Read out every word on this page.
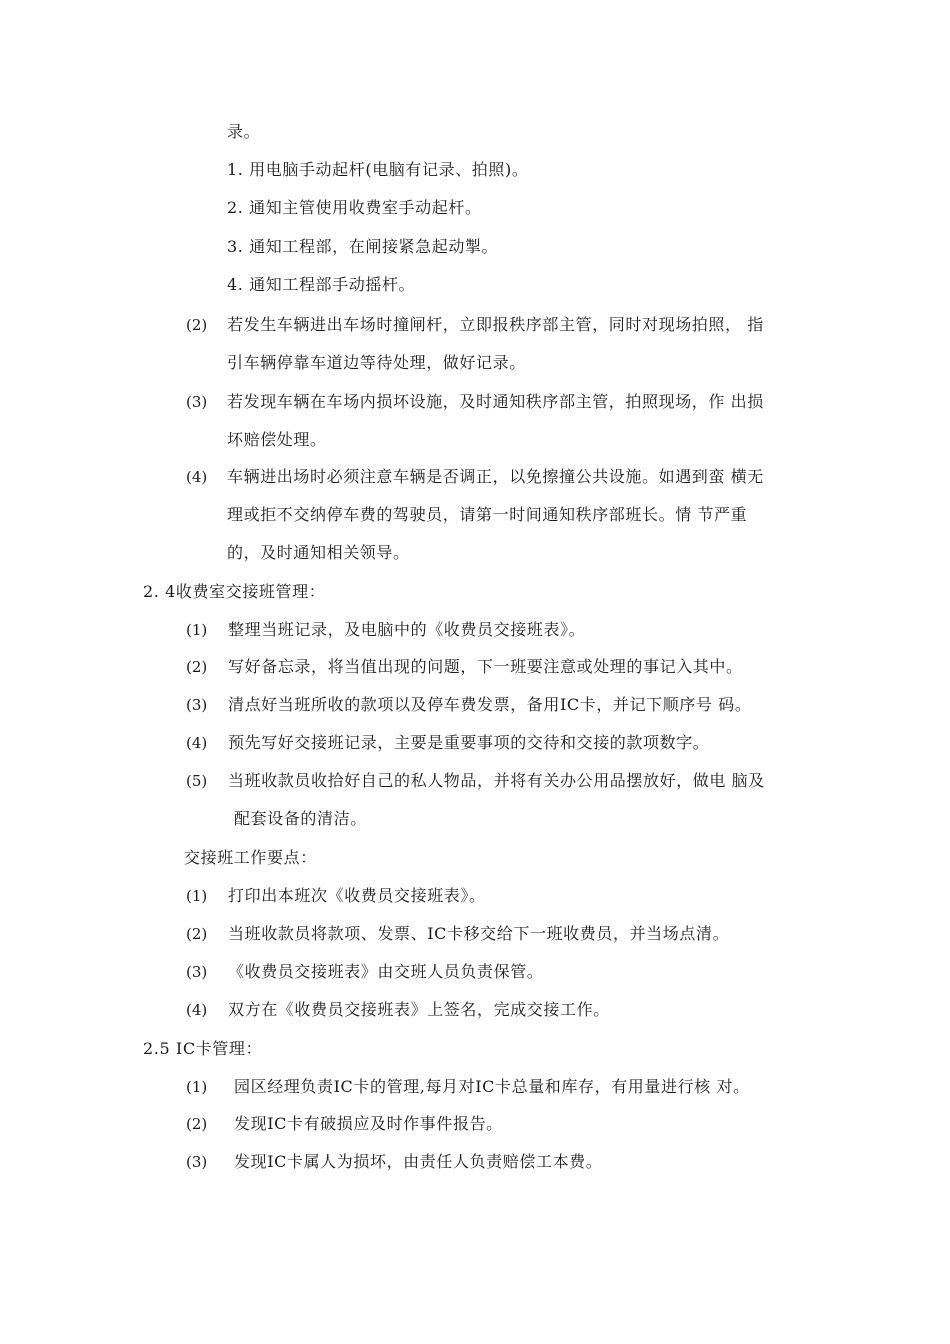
录。
1. 用电脑手动起杆(电脑有记录、拍照)。
2. 通知主管使用收费室手动起杆。
3. 通知工程部，在闸接紧急起动掣。
4. 通知工程部手动摇杆。
(2) 若发生车辆进出车场时撞闸杆，立即报秩序部主管，同时对现场拍照， 指
引车辆停靠车道边等待处理，做好记录。
(3) 若发现车辆在车场内损坏设施，及时通知秩序部主管，拍照现场，作 出损
坏赔偿处理。
(4) 车辆进出场时必须注意车辆是否调正，以免擦撞公共设施。如遇到蛮 横无
理或拒不交纳停车费的驾驶员，请第一时间通知秩序部班长。情 节严重
的，及时通知相关领导。
2. 4收费室交接班管理：
(1) 整理当班记录，及电脑中的《收费员交接班表》。
(2) 写好备忘录，将当值出现的问题，下一班要注意或处理的事记入其中。
(3) 清点好当班所收的款项以及停车费发票，备用IC卡，并记下顺序号 码。
(4) 预先写好交接班记录，主要是重要事项的交待和交接的款项数字。
(5) 当班收款员收拾好自己的私人物品，并将有关办公用品摆放好，做电 脑及
配套设备的清洁。
交接班工作要点：
(1) 打印出本班次《收费员交接班表》。
(2) 当班收款员将款项、发票、IC卡移交给下一班收费员，并当场点清。
(3) 《收费员交接班表》由交班人员负责保管。
(4) 双方在《收费员交接班表》上签名，完成交接工作。
2.5 IC卡管理：
(1) 园区经理负责IC卡的管理,每月对IC卡总量和库存，有用量进行核 对。
(2) 发现IC卡有破损应及时作事件报告。
(3) 发现IC卡属人为损坏，由责任人负责赔偿工本费。
